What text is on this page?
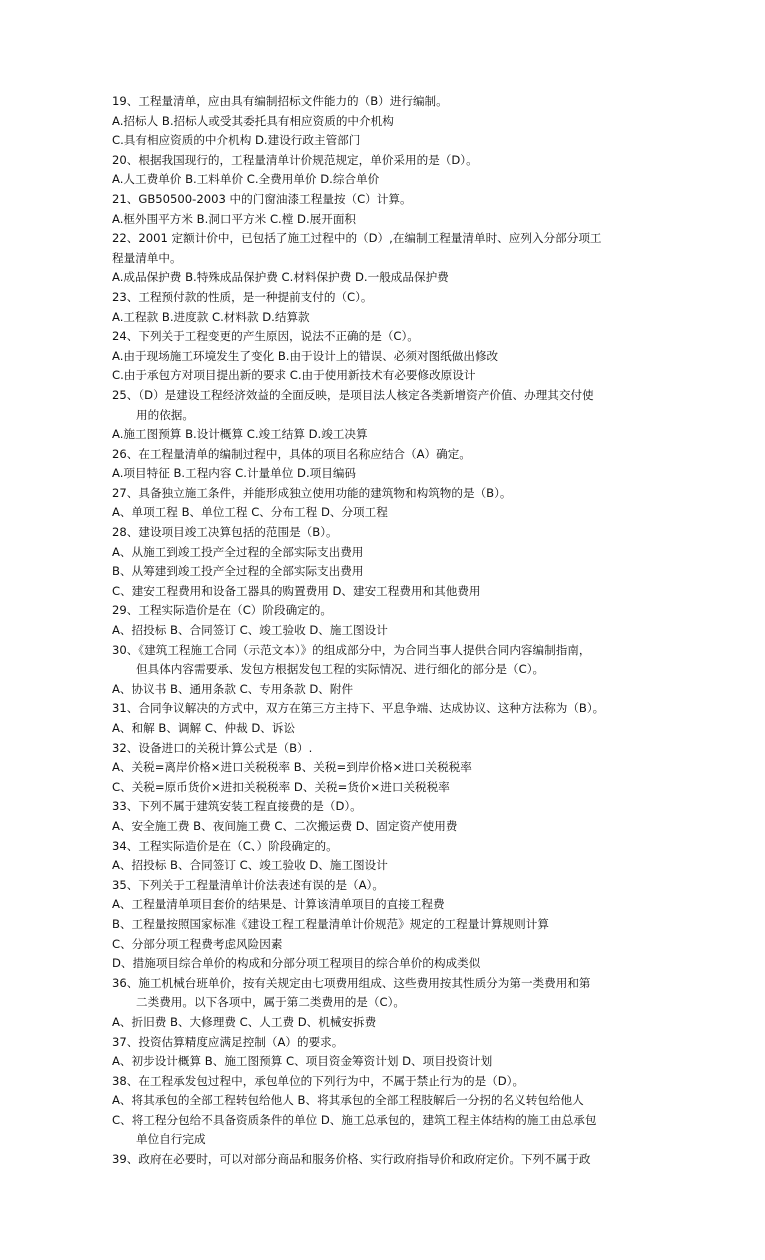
19、工程量清单，应由具有编制招标文件能力的（B）进行编制。
A.招标人 B.招标人或受其委托具有相应资质的中介机构
C.具有相应资质的中介机构 D.建设行政主管部门
20、根据我国现行的，工程量清单计价规范规定，单价采用的是（D）。
A.人工费单价 B.工料单价 C.全费用单价 D.综合单价
21、GB50500-2003 中的门窗油漆工程量按（C）计算。
A.框外围平方米 B.洞口平方米 C.樘 D.展开面积
22、2001 定额计价中，已包括了施工过程中的（D）,在编制工程量清单时、应列入分部分项工
程量清单中。
A.成品保护费 B.特殊成品保护费 C.材料保护费 D.一般成品保护费
23、工程预付款的性质，是一种提前支付的（C）。
A.工程款 B.进度款 C.材料款 D.结算款
24、下列关于工程变更的产生原因，说法不正确的是（C）。
A.由于现场施工环境发生了变化 B.由于设计上的错误、必须对图纸做出修改
C.由于承包方对项目提出新的要求 C.由于使用新技术有必要修改原设计
25、（D）是建设工程经济效益的全面反映，是项目法人核定各类新增资产价值、办理其交付使
用的依据。
A.施工图预算 B.设计概算 C.竣工结算 D.竣工决算
26、在工程量清单的编制过程中，具体的项目名称应结合（A）确定。
A.项目特征 B.工程内容 C.计量单位 D.项目编码
27、具备独立施工条件，并能形成独立使用功能的建筑物和构筑物的是（B）。
A、单项工程 B、单位工程 C、分布工程 D、分项工程
28、建设项目竣工决算包括的范围是（B）。
A、从施工到竣工投产全过程的全部实际支出费用
B、从筹建到竣工投产全过程的全部实际支出费用
C、建安工程费用和设备工器具的购置费用 D、建安工程费用和其他费用
29、工程实际造价是在（C）阶段确定的。
A、招投标 B、合同签订 C、竣工验收 D、施工图设计
30、《建筑工程施工合同（示范文本）》的组成部分中，为合同当事人提供合同内容编制指南，
但具体内容需要承、发包方根据发包工程的实际情况、进行细化的部分是（C）。
A、协议书 B、通用条款 C、专用条款 D、附件
31、合同争议解决的方式中，双方在第三方主持下、平息争端、达成协议、这种方法称为（B）。
A、和解 B、调解 C、仲裁 D、诉讼
32、设备进口的关税计算公式是（B）.
A、关税=离岸价格×进口关税税率 B、关税=到岸价格×进口关税税率
C、关税=原币货价×进扣关税税率 D、关税=货价×进口关税税率
33、下列不属于建筑安装工程直接费的是（D）。
A、安全施工费 B、夜间施工费 C、二次搬运费 D、固定资产使用费
34、工程实际造价是在（C、）阶段确定的。
A、招投标 B、合同签订 C、竣工验收 D、施工图设计
35、下列关于工程量清单计价法表述有误的是（A）。
A、工程量清单项目套价的结果是、计算该清单项目的直接工程费
B、工程量按照国家标准《建设工程工程量清单计价规范》规定的工程量计算规则计算
C、分部分项工程费考虑风险因素
D、措施项目综合单价的构成和分部分项工程项目的综合单价的构成类似
36、施工机械台班单价，按有关规定由七项费用组成、这些费用按其性质分为第一类费用和第
二类费用。以下各项中，属于第二类费用的是（C）。
A、折旧费 B、大修理费 C、人工费 D、机械安拆费
37、投资估算精度应满足控制（A）的要求。
A、初步设计概算 B、施工图预算 C、项目资金筹资计划 D、项目投资计划
38、在工程承发包过程中，承包单位的下列行为中，不属于禁止行为的是（D）。
A、将其承包的全部工程转包给他人 B、将其承包的全部工程肢解后一分拐的名义转包给他人
C、将工程分包给不具备资质条件的单位 D、施工总承包的，建筑工程主体结构的施工由总承包
单位自行完成
39、政府在必要时，可以对部分商品和服务价格、实行政府指导价和政府定价。下列不属于政
